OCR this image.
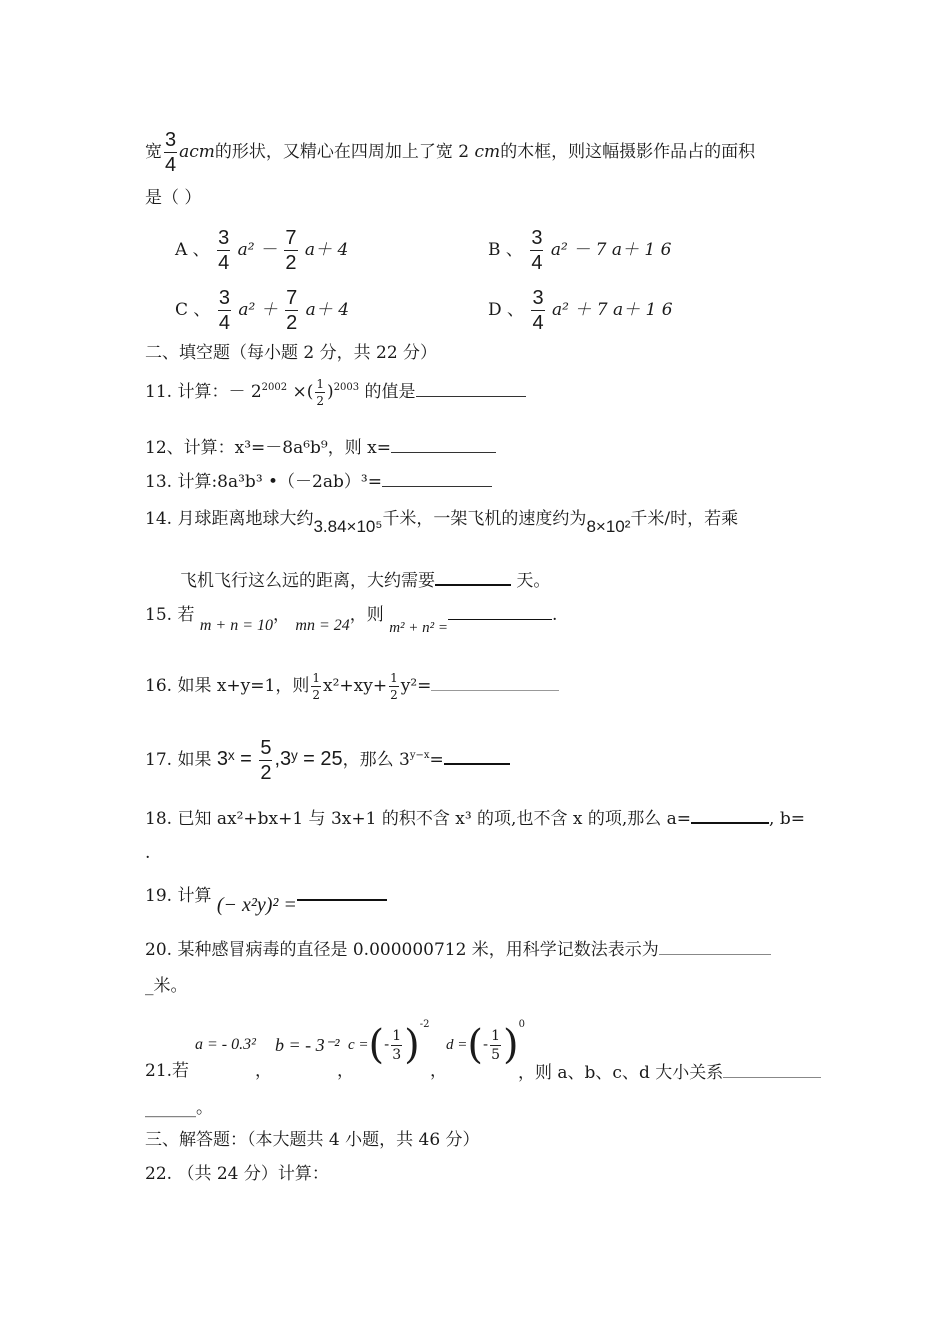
宽 $\frac{3}{4}$ acm的形状，又精心在四周加上了宽 2 cm的木框，则这幅摄影作品占的面积
是（ ）
A 、 $\frac{3}{4} a^2 - \frac{7}{2} a+ 4$	B 、 $\frac{3}{4} a^2 - 7$ a＋ 1 6
C 、 $\frac{3}{4} a^2 + \frac{7}{2} a+ 4$	D 、 $\frac{3}{4} a^2 + 7$ a＋ 1 6
二、填空题（每小题 2 分，共 22 分）
11. 计算：－ $2^{2002}$ ×( $\frac{1}{2} )^{2003}$ 的值是
12、计算：x³=－8a⁶b⁹，则 x=
13. 计算:8a³b³ •（－2ab）³=
14. 月球距离地球大约3.84×10⁵千米，一架飞机的速度约为8×10²千米/时，若乘
飞机飞行这么远的距离，大约需要	天。
15. 若 m + n = 10， mn = 24，则 m² + n² =.
16. 如果 x+y=1，则 $\frac{1}{2} x^2+xy+ \frac{1}{2} y^2=$
17. 如果 3ˣ = $\frac{5}{2}$ ,3ʸ = 25，那么 $3^{y-x}=$
18. 已知 ax²+bx+1 与 3x+1 的积不含 x³ 的项,也不含 x 的项,那么 a=	, b=
.
19. 计算 (− x²y)² =
20. 某种感冒病毒的直径是 0.000000712 米，用科学记数法表示为
_米。
a = - 0.3² b = - 3⁻² c =(- $\frac{1}{3} )^{-2}$
d =(- $\frac{1}{5} )^0$
21.若	，	，	，	，则 a、b、c、d 大小关系
______。
三、解答题：（本大题共 4 小题，共 46 分）
22. （共 24 分）计算：
